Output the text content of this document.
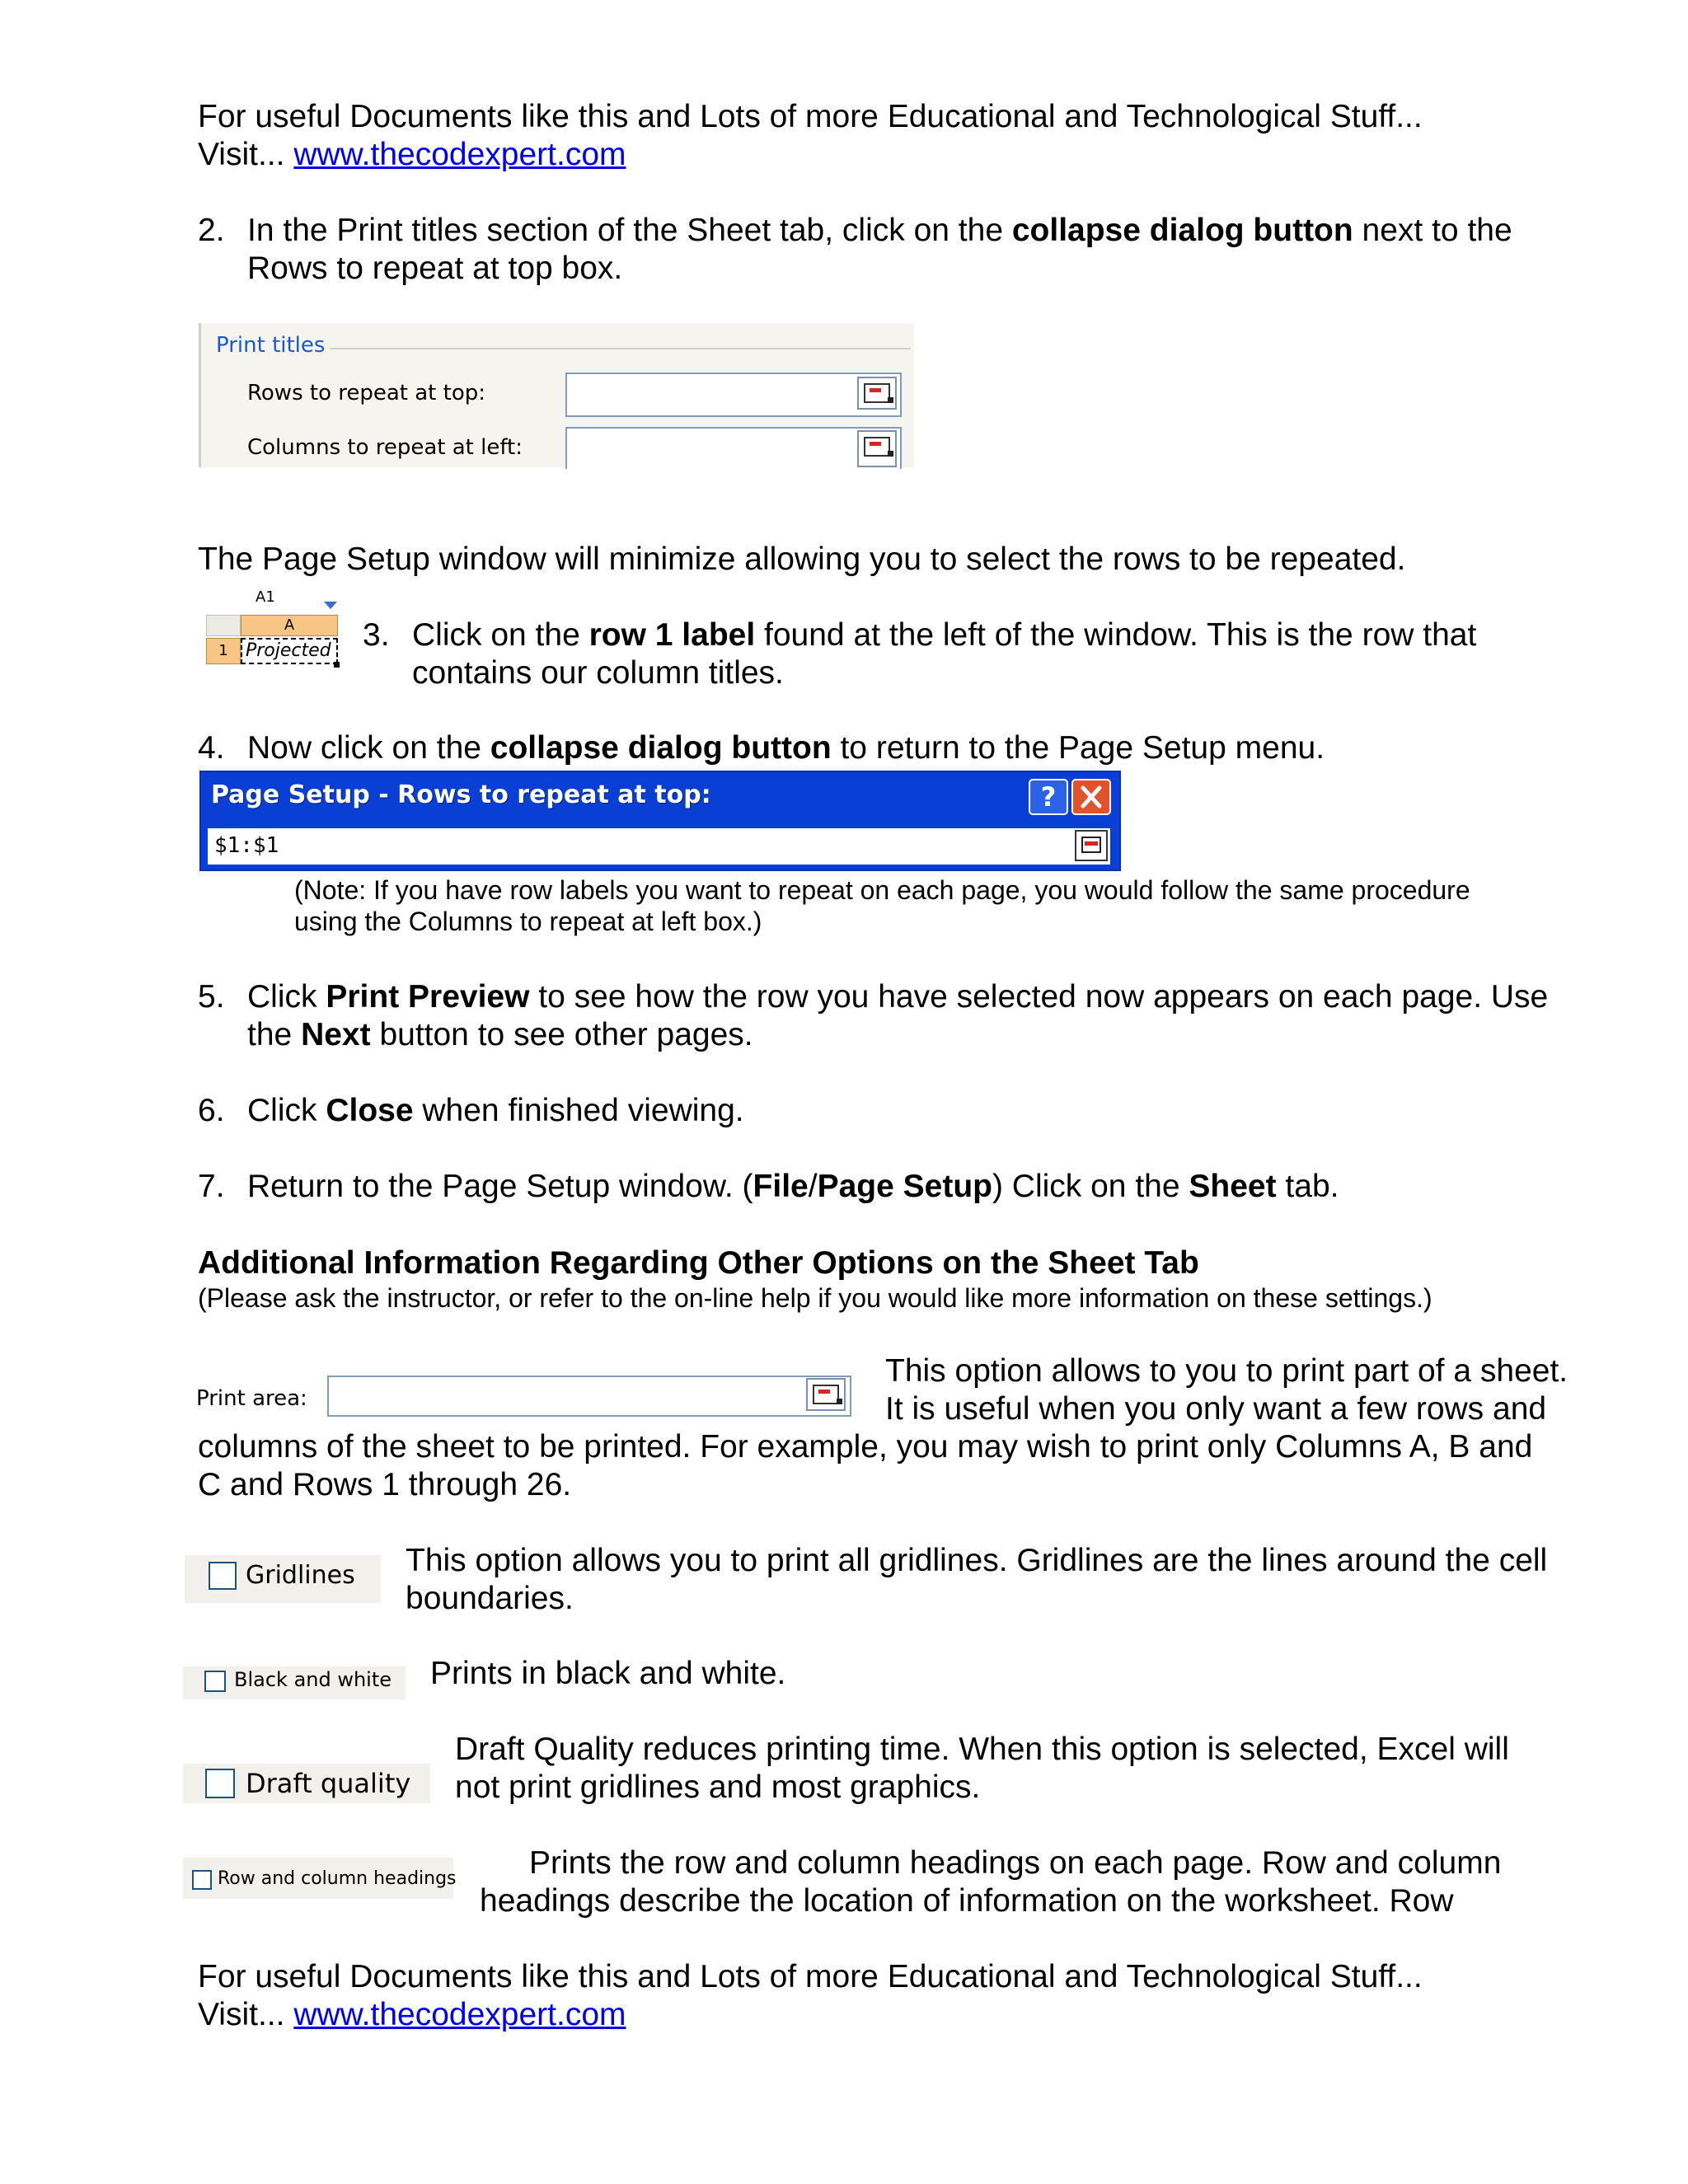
For useful Documents like this and Lots of more Educational and Technological Stuff...
Visit... www.thecodexpert.com
2. In the Print titles section of the Sheet tab, click on the collapse dialog button next to the
Rows to repeat at top box.
Print titles
Rows to repeat at top:
Columns to repeat at left:
The Page Setup window will minimize allowing you to select the rows to be repeated.
A1
A
1 Projected 3. Click on the row 1 label found at the left of the window. This is the row that
contains our column titles.
4. Now click on the collapse dialog button to return to the Page Setup menu.
Page Setup - Rows to repeat at top:	?
$1:$1
(Note: If you have row labels you want to repeat on each page, you would follow the same procedure
using the Columns to repeat at left box.)
5. Click Print Preview to see how the row you have selected now appears on each page. Use
the Next button to see other pages.
6. Click Close when finished viewing.
7. Return to the Page Setup window. (File/Page Setup) Click on the Sheet tab.
Additional Information Regarding Other Options on the Sheet Tab
(Please ask the instructor, or refer to the on-line help if you would like more information on these settings.)
Print area:
This option allows to you to print part of a sheet.
It is useful when you only want a few rows and
columns of the sheet to be printed. For example, you may wish to print only Columns A, B and
C and Rows 1 through 26.
Gridlines This option allows you to print all gridlines. Gridlines are the lines around the cell
boundaries.
Black and white Prints in black and white.
Draft quality
Draft Quality reduces printing time. When this option is selected, Excel will
not print gridlines and most graphics.
Row and column headings Prints the row and column headings on each page. Row and column
headings describe the location of information on the worksheet. Row
For useful Documents like this and Lots of more Educational and Technological Stuff...
Visit... www.thecodexpert.com
